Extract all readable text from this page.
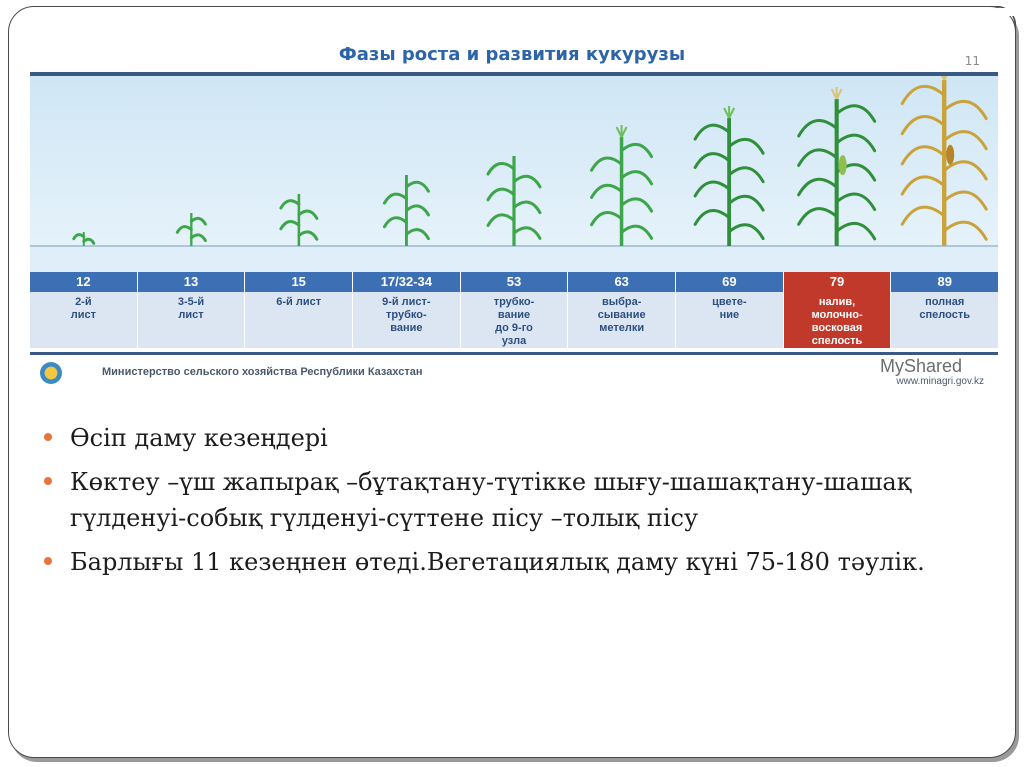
Фазы роста и развития кукурузы	11
12
2-й
лист
13
3-5-й
лист
15
6-й лист
17/32-34
9-й лист-
трубко-
вание
53
трубко-
вание
до 9-го
узла
63
выбра-
сывание
метелки
69
цвете-
ние
79
налив,
молочно-
восковая
спелость
89
полная
спелость
Министерство сельского хозяйства Республики Казахстан	MyShared
www.minagri.gov.kz
Өсіп даму кезеңдері
Көктеу –үш жапырақ –бұтақтану-түтікке шығу-шашақтану-шашақ гүлденуі-собық гүлденуі-сүттене пісу –толық пісу
Барлығы 11 кезеңнен өтеді.Вегетациялық даму күні 75-180 тәулік.
